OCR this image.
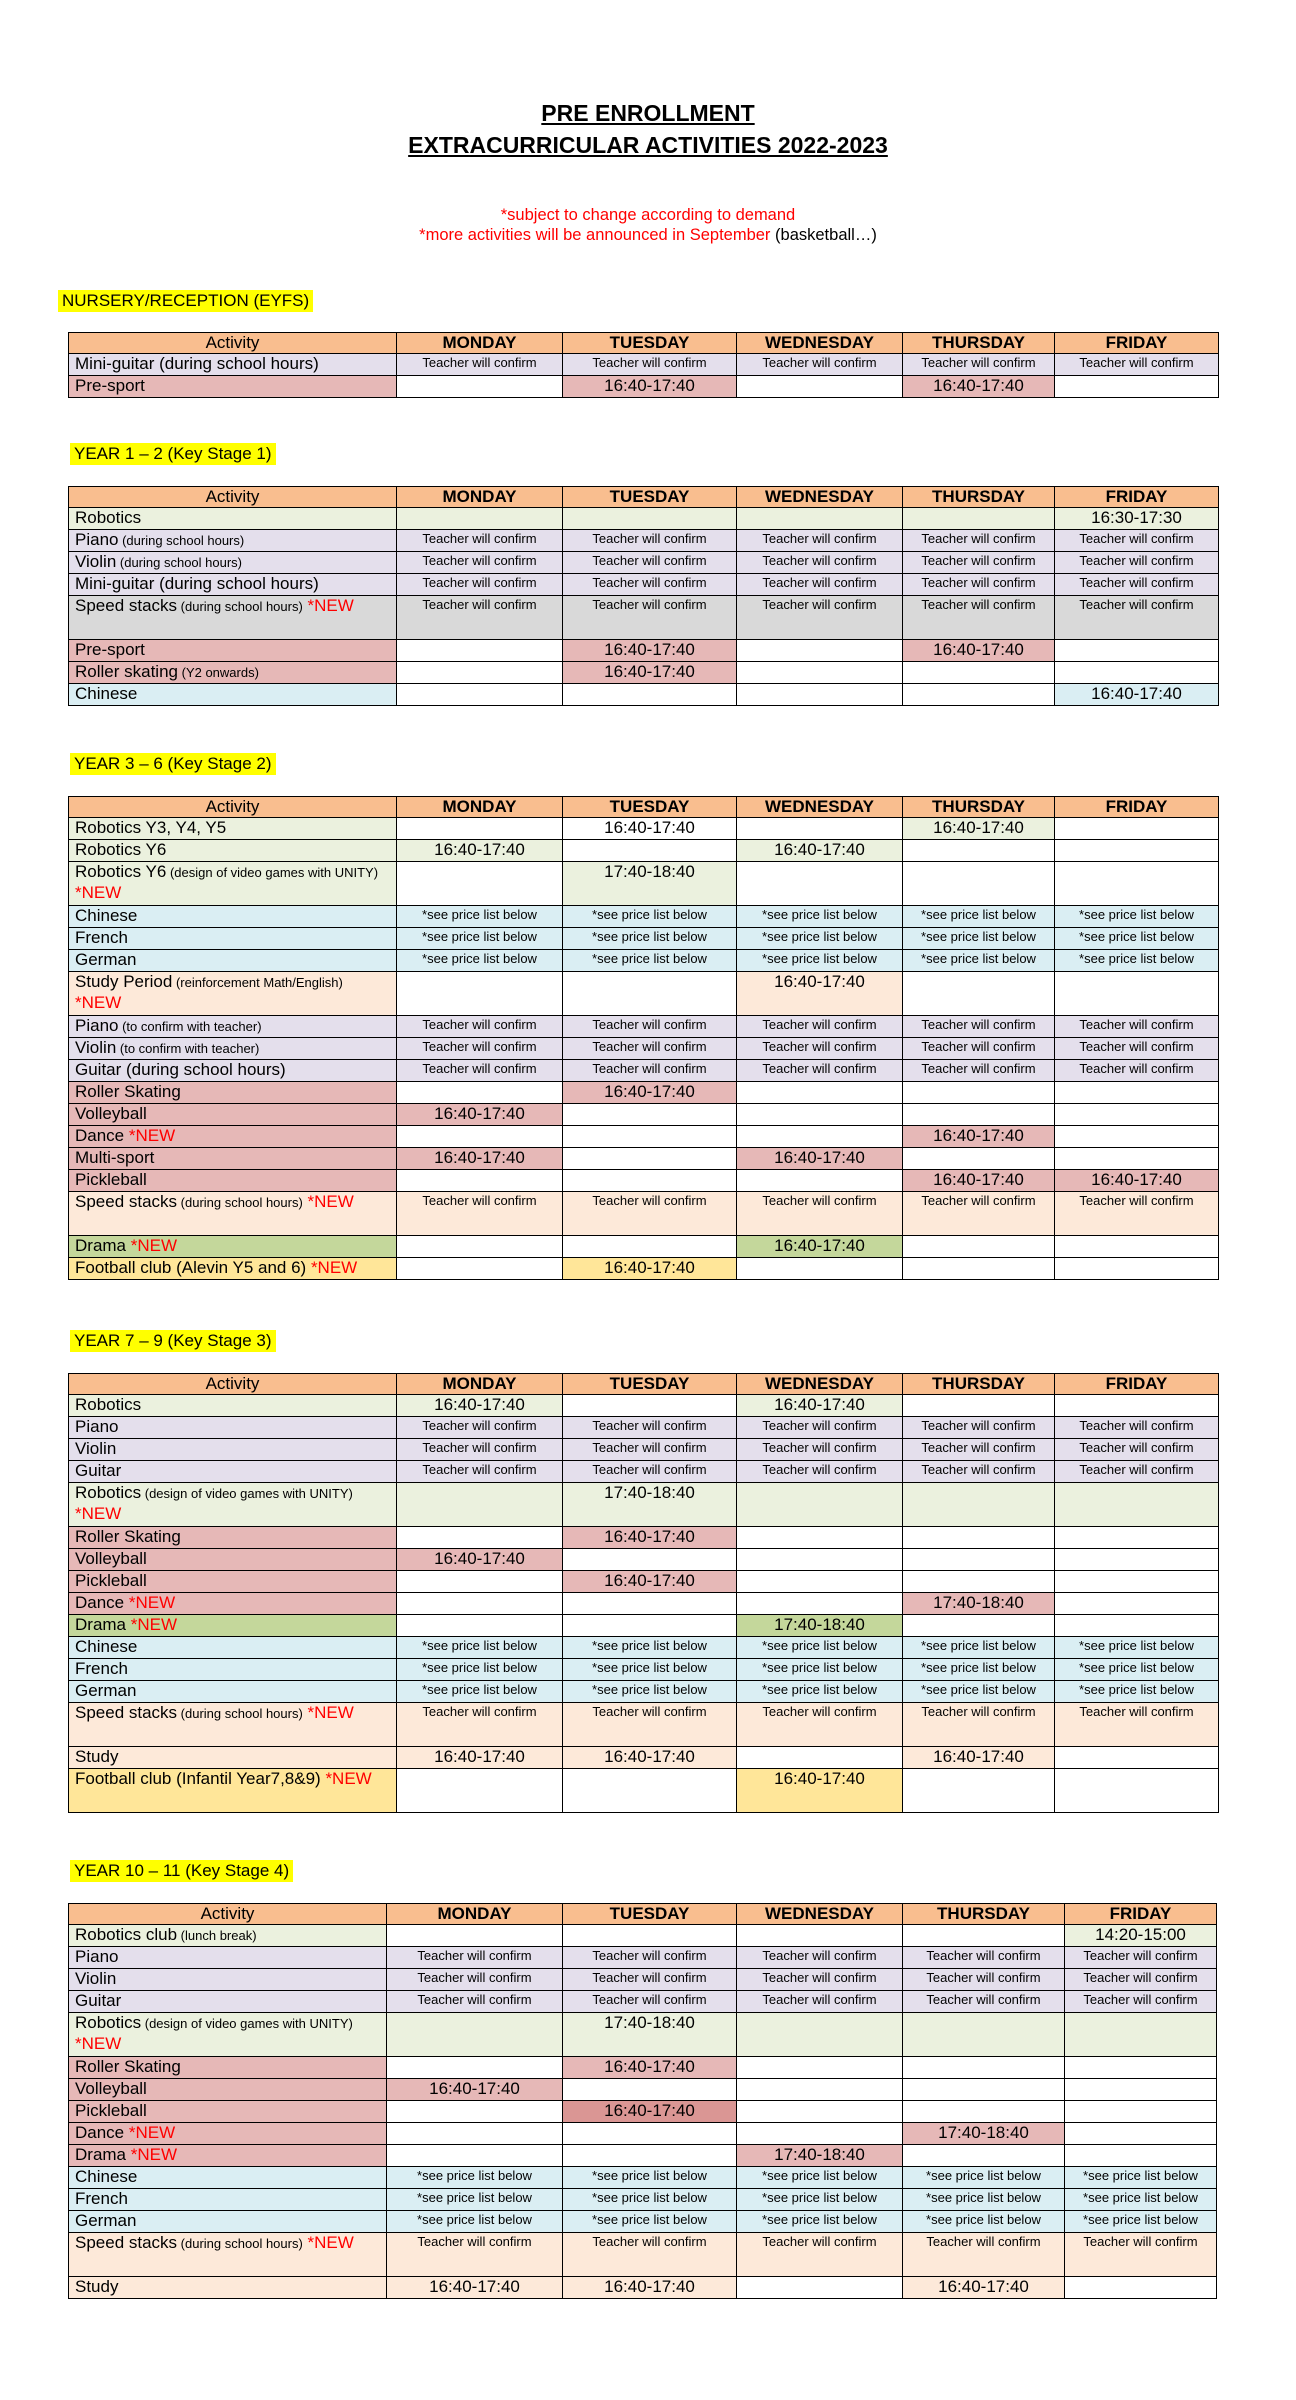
PRE ENROLLMENT
EXTRACURRICULAR ACTIVITIES 2022-2023
*subject to change according to demand
*more activities will be announced in September (basketball…)
NURSERY/RECEPTION (EYFS)
Activity	MONDAY	TUESDAY	WEDNESDAY	THURSDAY	FRIDAY
Mini-guitar (during school hours)	Teacher will confirm	Teacher will confirm	Teacher will confirm	Teacher will confirm	Teacher will confirm
Pre-sport		16:40-17:40		16:40-17:40	
YEAR 1 – 2 (Key Stage 1)
Activity	MONDAY	TUESDAY	WEDNESDAY	THURSDAY	FRIDAY
Robotics					16:30-17:30
Piano (during school hours)	Teacher will confirm	Teacher will confirm	Teacher will confirm	Teacher will confirm	Teacher will confirm
Violin (during school hours)	Teacher will confirm	Teacher will confirm	Teacher will confirm	Teacher will confirm	Teacher will confirm
Mini-guitar (during school hours)	Teacher will confirm	Teacher will confirm	Teacher will confirm	Teacher will confirm	Teacher will confirm
Speed stacks (during school hours) *NEW	Teacher will confirm	Teacher will confirm	Teacher will confirm	Teacher will confirm	Teacher will confirm
Pre-sport		16:40-17:40		16:40-17:40	
Roller skating (Y2 onwards)		16:40-17:40			
Chinese					16:40-17:40
YEAR 3 – 6 (Key Stage 2)
Activity	MONDAY	TUESDAY	WEDNESDAY	THURSDAY	FRIDAY
Robotics Y3, Y4, Y5		16:40-17:40		16:40-17:40	
Robotics Y6	16:40-17:40		16:40-17:40		
Robotics Y6 (design of video games with UNITY) *NEW		17:40-18:40			
Chinese	*see price list below	*see price list below	*see price list below	*see price list below	*see price list below
French	*see price list below	*see price list below	*see price list below	*see price list below	*see price list below
German	*see price list below	*see price list below	*see price list below	*see price list below	*see price list below
Study Period (reinforcement Math/English) *NEW			16:40-17:40		
Piano (to confirm with teacher)	Teacher will confirm	Teacher will confirm	Teacher will confirm	Teacher will confirm	Teacher will confirm
Violin (to confirm with teacher)	Teacher will confirm	Teacher will confirm	Teacher will confirm	Teacher will confirm	Teacher will confirm
Guitar (during school hours)	Teacher will confirm	Teacher will confirm	Teacher will confirm	Teacher will confirm	Teacher will confirm
Roller Skating		16:40-17:40			
Volleyball	16:40-17:40				
Dance *NEW				16:40-17:40	
Multi-sport	16:40-17:40		16:40-17:40		
Pickleball				16:40-17:40	16:40-17:40
Speed stacks (during school hours) *NEW	Teacher will confirm	Teacher will confirm	Teacher will confirm	Teacher will confirm	Teacher will confirm
Drama *NEW			16:40-17:40		
Football club (Alevin Y5 and 6) *NEW		16:40-17:40			
YEAR 7 – 9 (Key Stage 3)
Activity	MONDAY	TUESDAY	WEDNESDAY	THURSDAY	FRIDAY
Robotics	16:40-17:40		16:40-17:40		
Piano	Teacher will confirm	Teacher will confirm	Teacher will confirm	Teacher will confirm	Teacher will confirm
Violin	Teacher will confirm	Teacher will confirm	Teacher will confirm	Teacher will confirm	Teacher will confirm
Guitar	Teacher will confirm	Teacher will confirm	Teacher will confirm	Teacher will confirm	Teacher will confirm
Robotics (design of video games with UNITY) *NEW		17:40-18:40			
Roller Skating		16:40-17:40			
Volleyball	16:40-17:40				
Pickleball		16:40-17:40			
Dance *NEW				17:40-18:40	
Drama *NEW			17:40-18:40		
Chinese	*see price list below	*see price list below	*see price list below	*see price list below	*see price list below
French	*see price list below	*see price list below	*see price list below	*see price list below	*see price list below
German	*see price list below	*see price list below	*see price list below	*see price list below	*see price list below
Speed stacks (during school hours) *NEW	Teacher will confirm	Teacher will confirm	Teacher will confirm	Teacher will confirm	Teacher will confirm
Study	16:40-17:40	16:40-17:40		16:40-17:40	
Football club (Infantil Year7,8&9) *NEW			16:40-17:40		
YEAR 10 – 11 (Key Stage 4)
Activity	MONDAY	TUESDAY	WEDNESDAY	THURSDAY	FRIDAY
Robotics club (lunch break)					14:20-15:00
Piano	Teacher will confirm	Teacher will confirm	Teacher will confirm	Teacher will confirm	Teacher will confirm
Violin	Teacher will confirm	Teacher will confirm	Teacher will confirm	Teacher will confirm	Teacher will confirm
Guitar	Teacher will confirm	Teacher will confirm	Teacher will confirm	Teacher will confirm	Teacher will confirm
Robotics (design of video games with UNITY) *NEW		17:40-18:40			
Roller Skating		16:40-17:40			
Volleyball	16:40-17:40				
Pickleball		16:40-17:40			
Dance *NEW				17:40-18:40	
Drama *NEW			17:40-18:40		
Chinese	*see price list below	*see price list below	*see price list below	*see price list below	*see price list below
French	*see price list below	*see price list below	*see price list below	*see price list below	*see price list below
German	*see price list below	*see price list below	*see price list below	*see price list below	*see price list below
Speed stacks (during school hours) *NEW	Teacher will confirm	Teacher will confirm	Teacher will confirm	Teacher will confirm	Teacher will confirm
Study	16:40-17:40	16:40-17:40		16:40-17:40	
